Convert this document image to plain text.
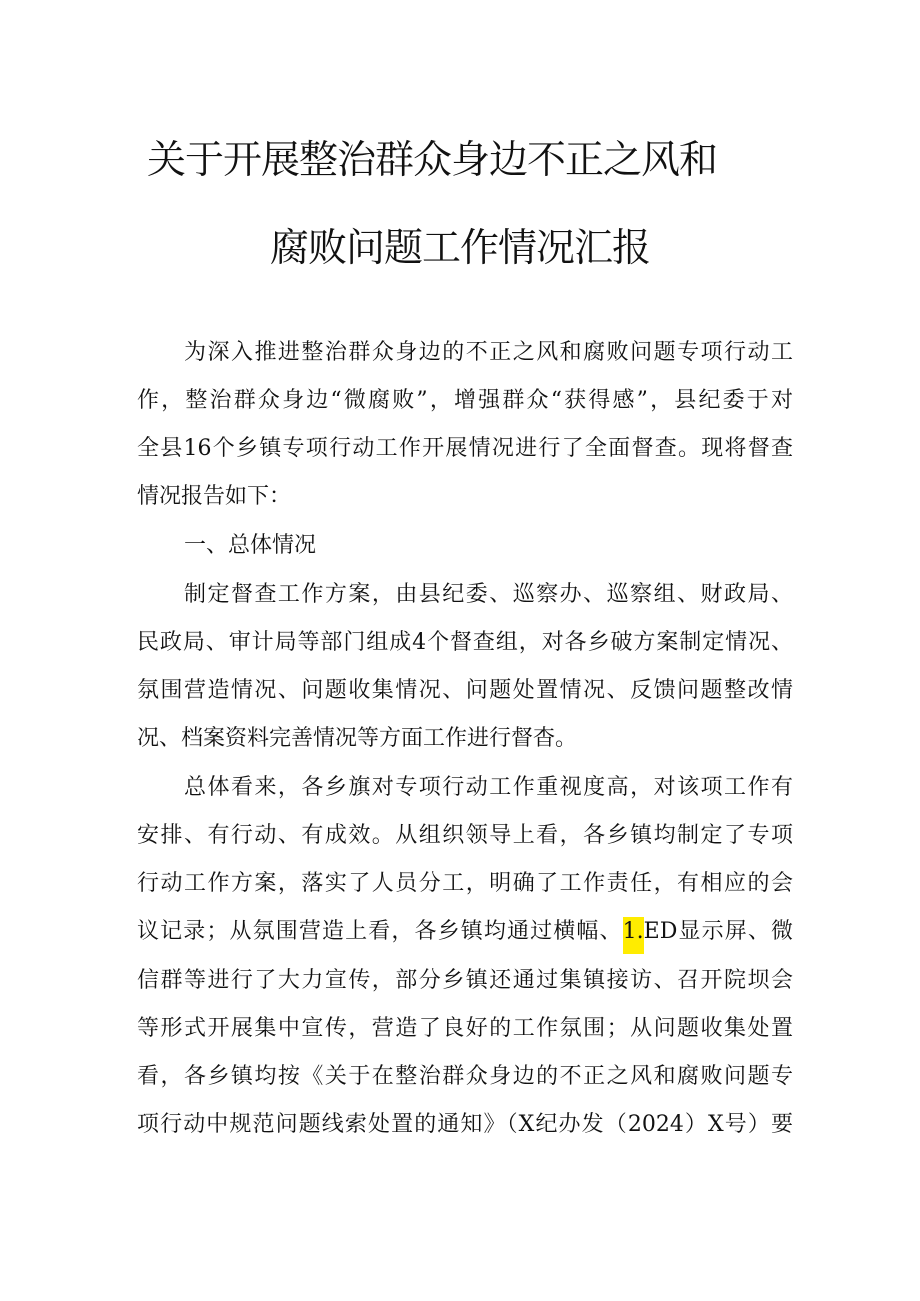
关于开展整治群众身边不正之风和
腐败问题工作情况汇报
为深入推进整治群众身边的不正之风和腐败问题专项行动工
作，整治群众身边“微腐败”，增强群众“获得感”，县纪委于对
全县16个乡镇专项行动工作开展情况进行了全面督查。现将督查
情况报告如下：
一、总体情况
制定督查工作方案，由县纪委、巡察办、巡察组、财政局、
民政局、审计局等部门组成4个督查组，对各乡破方案制定情况、
氛围营造情况、问题收集情况、问题处置情况、反馈问题整改情
况、档案资料完善情况等方面工作进行督杳。
总体看来，各乡旗对专项行动工作重视度高，对该项工作有
安排、有行动、有成效。从组织领导上看，各乡镇均制定了专项
行动工作方案，落实了人员分工，明确了工作责任，有相应的会
议记录；从氛围营造上看，各乡镇均通过横幅、1.ED显示屏、微
信群等进行了大力宣传，部分乡镇还通过集镇接访、召开院坝会
等形式开展集中宣传，营造了良好的工作氛围；从问题收集处置
看，各乡镇均按《关于在整治群众身边的不正之风和腐败问题专
项行动中规范问题线索处置的通知》（X纪办发（2024）X号）要
